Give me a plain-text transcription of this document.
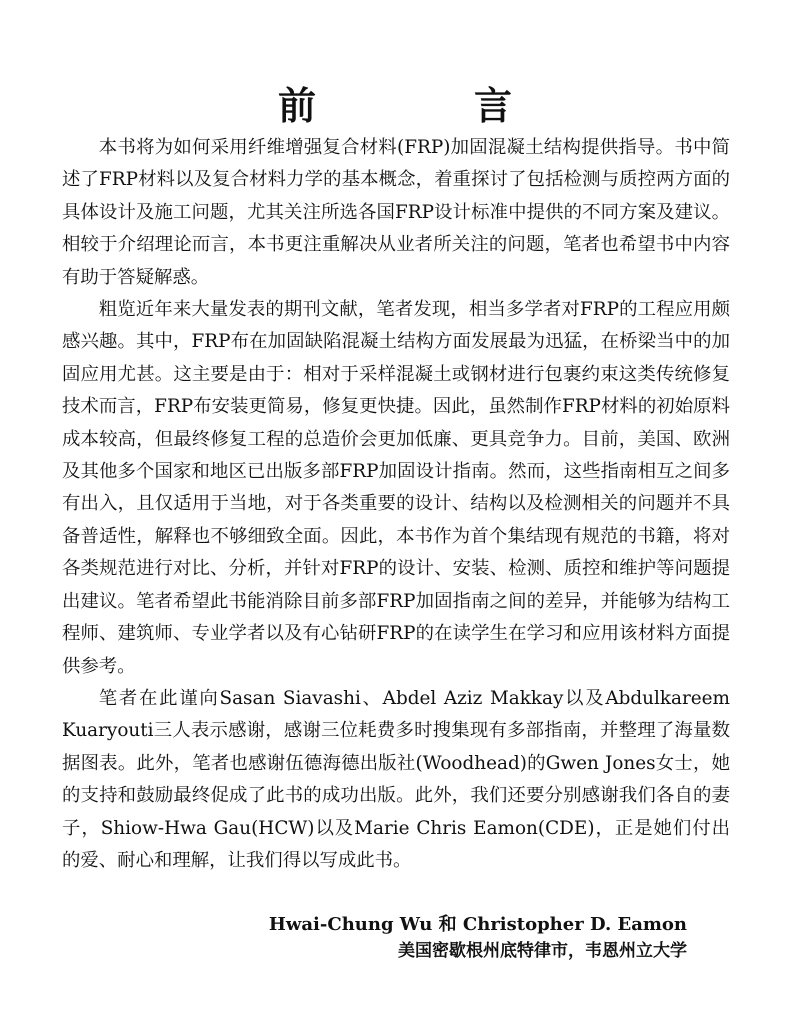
前　言

本书将为如何采用纤维增强复合材料(FRP)加固混凝土结构提供指导。书中简述了FRP材料以及复合材料力学的基本概念，着重探讨了包括检测与质控两方面的具体设计及施工问题，尤其关注所选各国FRP设计标准中提供的不同方案及建议。相较于介绍理论而言，本书更注重解决从业者所关注的问题，笔者也希望书中内容有助于答疑解惑。

粗览近年来大量发表的期刊文献，笔者发现，相当多学者对FRP的工程应用颇感兴趣。其中，FRP布在加固缺陷混凝土结构方面发展最为迅猛，在桥梁当中的加固应用尤甚。这主要是由于：相对于采样混凝土或钢材进行包裹约束这类传统修复技术而言，FRP布安装更简易，修复更快捷。因此，虽然制作FRP材料的初始原料成本较高，但最终修复工程的总造价会更加低廉、更具竞争力。目前，美国、欧洲及其他多个国家和地区已出版多部FRP加固设计指南。然而，这些指南相互之间多有出入，且仅适用于当地，对于各类重要的设计、结构以及检测相关的问题并不具备普适性，解释也不够细致全面。因此，本书作为首个集结现有规范的书籍，将对各类规范进行对比、分析，并针对FRP的设计、安装、检测、质控和维护等问题提出建议。笔者希望此书能消除目前多部FRP加固指南之间的差异，并能够为结构工程师、建筑师、专业学者以及有心钻研FRP的在读学生在学习和应用该材料方面提供参考。

笔者在此谨向Sasan Siavashi、Abdel Aziz Makkay以及Abdulkareem Kuaryouti三人表示感谢，感谢三位耗费多时搜集现有多部指南，并整理了海量数据图表。此外，笔者也感谢伍德海德出版社(Woodhead)的Gwen Jones女士，她的支持和鼓励最终促成了此书的成功出版。此外，我们还要分别感谢我们各自的妻子，Shiow-Hwa Gau(HCW)以及Marie Chris Eamon(CDE)，正是她们付出的爱、耐心和理解，让我们得以写成此书。

Hwai-Chung Wu 和 Christopher D. Eamon
美国密歇根州底特律市，韦恩州立大学
